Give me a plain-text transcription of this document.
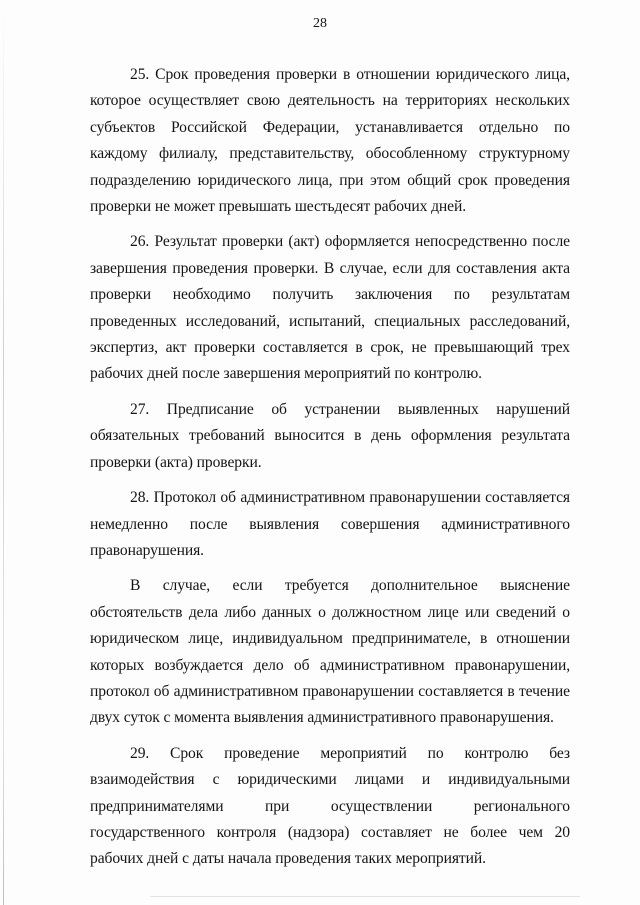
28

25. Срок проведения проверки в отношении юридического лица, которое осуществляет свою деятельность на территориях нескольких субъектов Российской Федерации, устанавливается отдельно по каждому филиалу, представительству, обособленному структурному подразделению юридического лица, при этом общий срок проведения проверки не может превышать шестьдесят рабочих дней.

26. Результат проверки (акт) оформляется непосредственно после завершения проведения проверки. В случае, если для составления акта проверки необходимо получить заключения по результатам проведенных исследований, испытаний, специальных расследований, экспертиз, акт проверки составляется в срок, не превышающий трех рабочих дней после завершения мероприятий по контролю.

27. Предписание об устранении выявленных нарушений обязательных требований выносится в день оформления результата проверки (акта) проверки.

28. Протокол об административном правонарушении составляется немедленно после выявления совершения административного правонарушения.

В случае, если требуется дополнительное выяснение обстоятельств дела либо данных о должностном лице или сведений о юридическом лице, индивидуальном предпринимателе, в отношении которых возбуждается дело об административном правонарушении, протокол об административном правонарушении составляется в течение двух суток с момента выявления административного правонарушения.

29. Срок проведение мероприятий по контролю без взаимодействия с юридическими лицами и индивидуальными предпринимателями при осуществлении регионального государственного контроля (надзора) составляет не более чем 20 рабочих дней с даты начала проведения таких мероприятий.
